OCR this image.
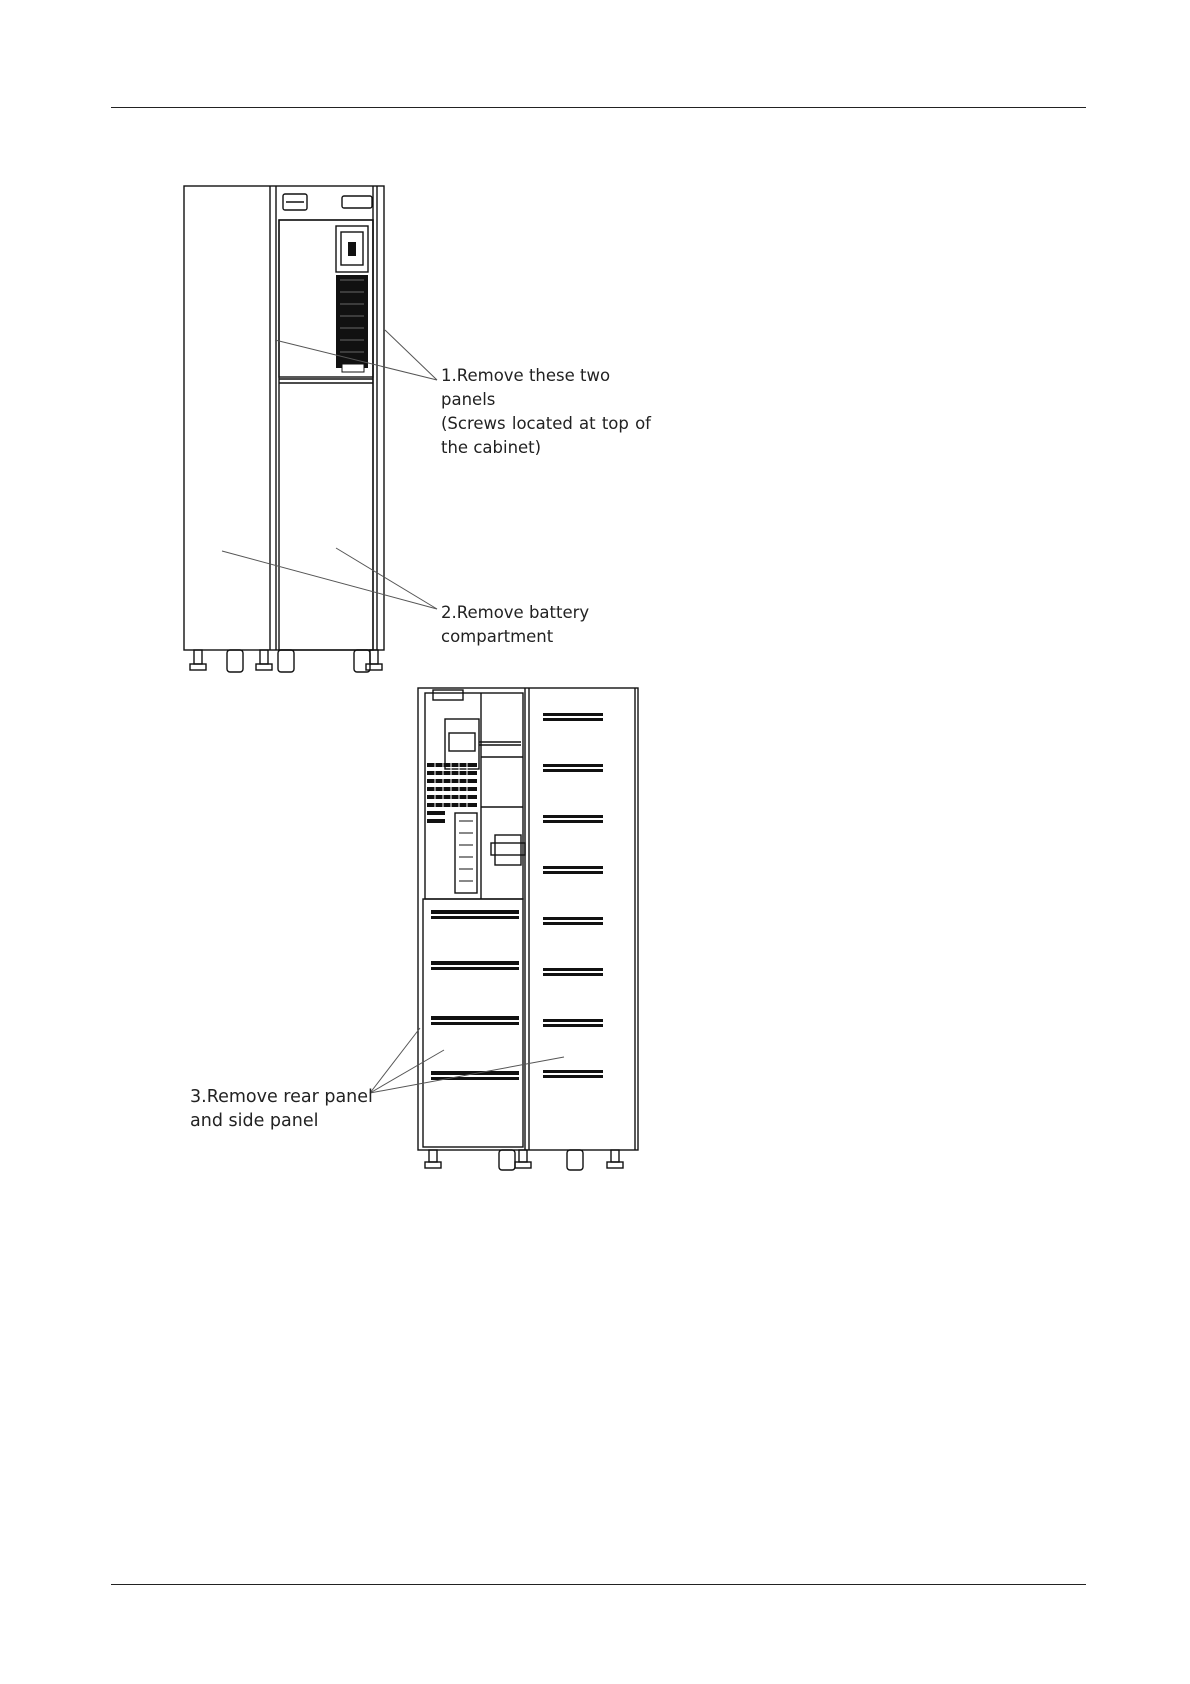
1.Remove these two panels
(Screws located at top of
the cabinet)
2.Remove battery
compartment
3.Remove rear panel
and side panel
